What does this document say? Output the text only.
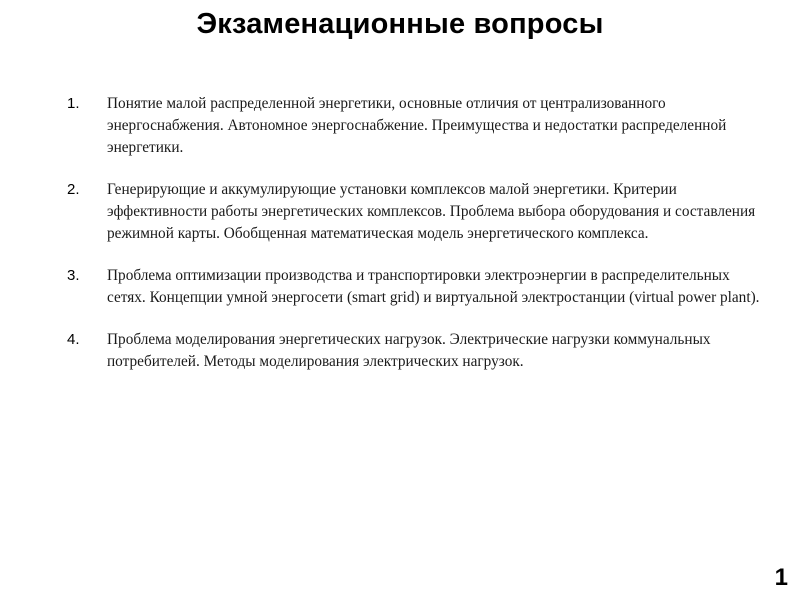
Экзаменационные вопросы
1. Понятие малой распределенной энергетики, основные отличия от централизованного энергоснабжения. Автономное энергоснабжение. Преимущества и недостатки распределенной энергетики.
2. Генерирующие и аккумулирующие установки комплексов малой энергетики. Критерии эффективности работы энергетических комплексов. Проблема выбора оборудования и составления режимной карты. Обобщенная математическая модель энергетического комплекса.
3. Проблема оптимизации производства и транспортировки электроэнергии в распределительных сетях. Концепции умной энергосети (smart grid) и виртуальной электростанции (virtual power plant).
4. Проблема моделирования энергетических нагрузок. Электрические нагрузки коммунальных потребителей. Методы моделирования электрических нагрузок.
1
